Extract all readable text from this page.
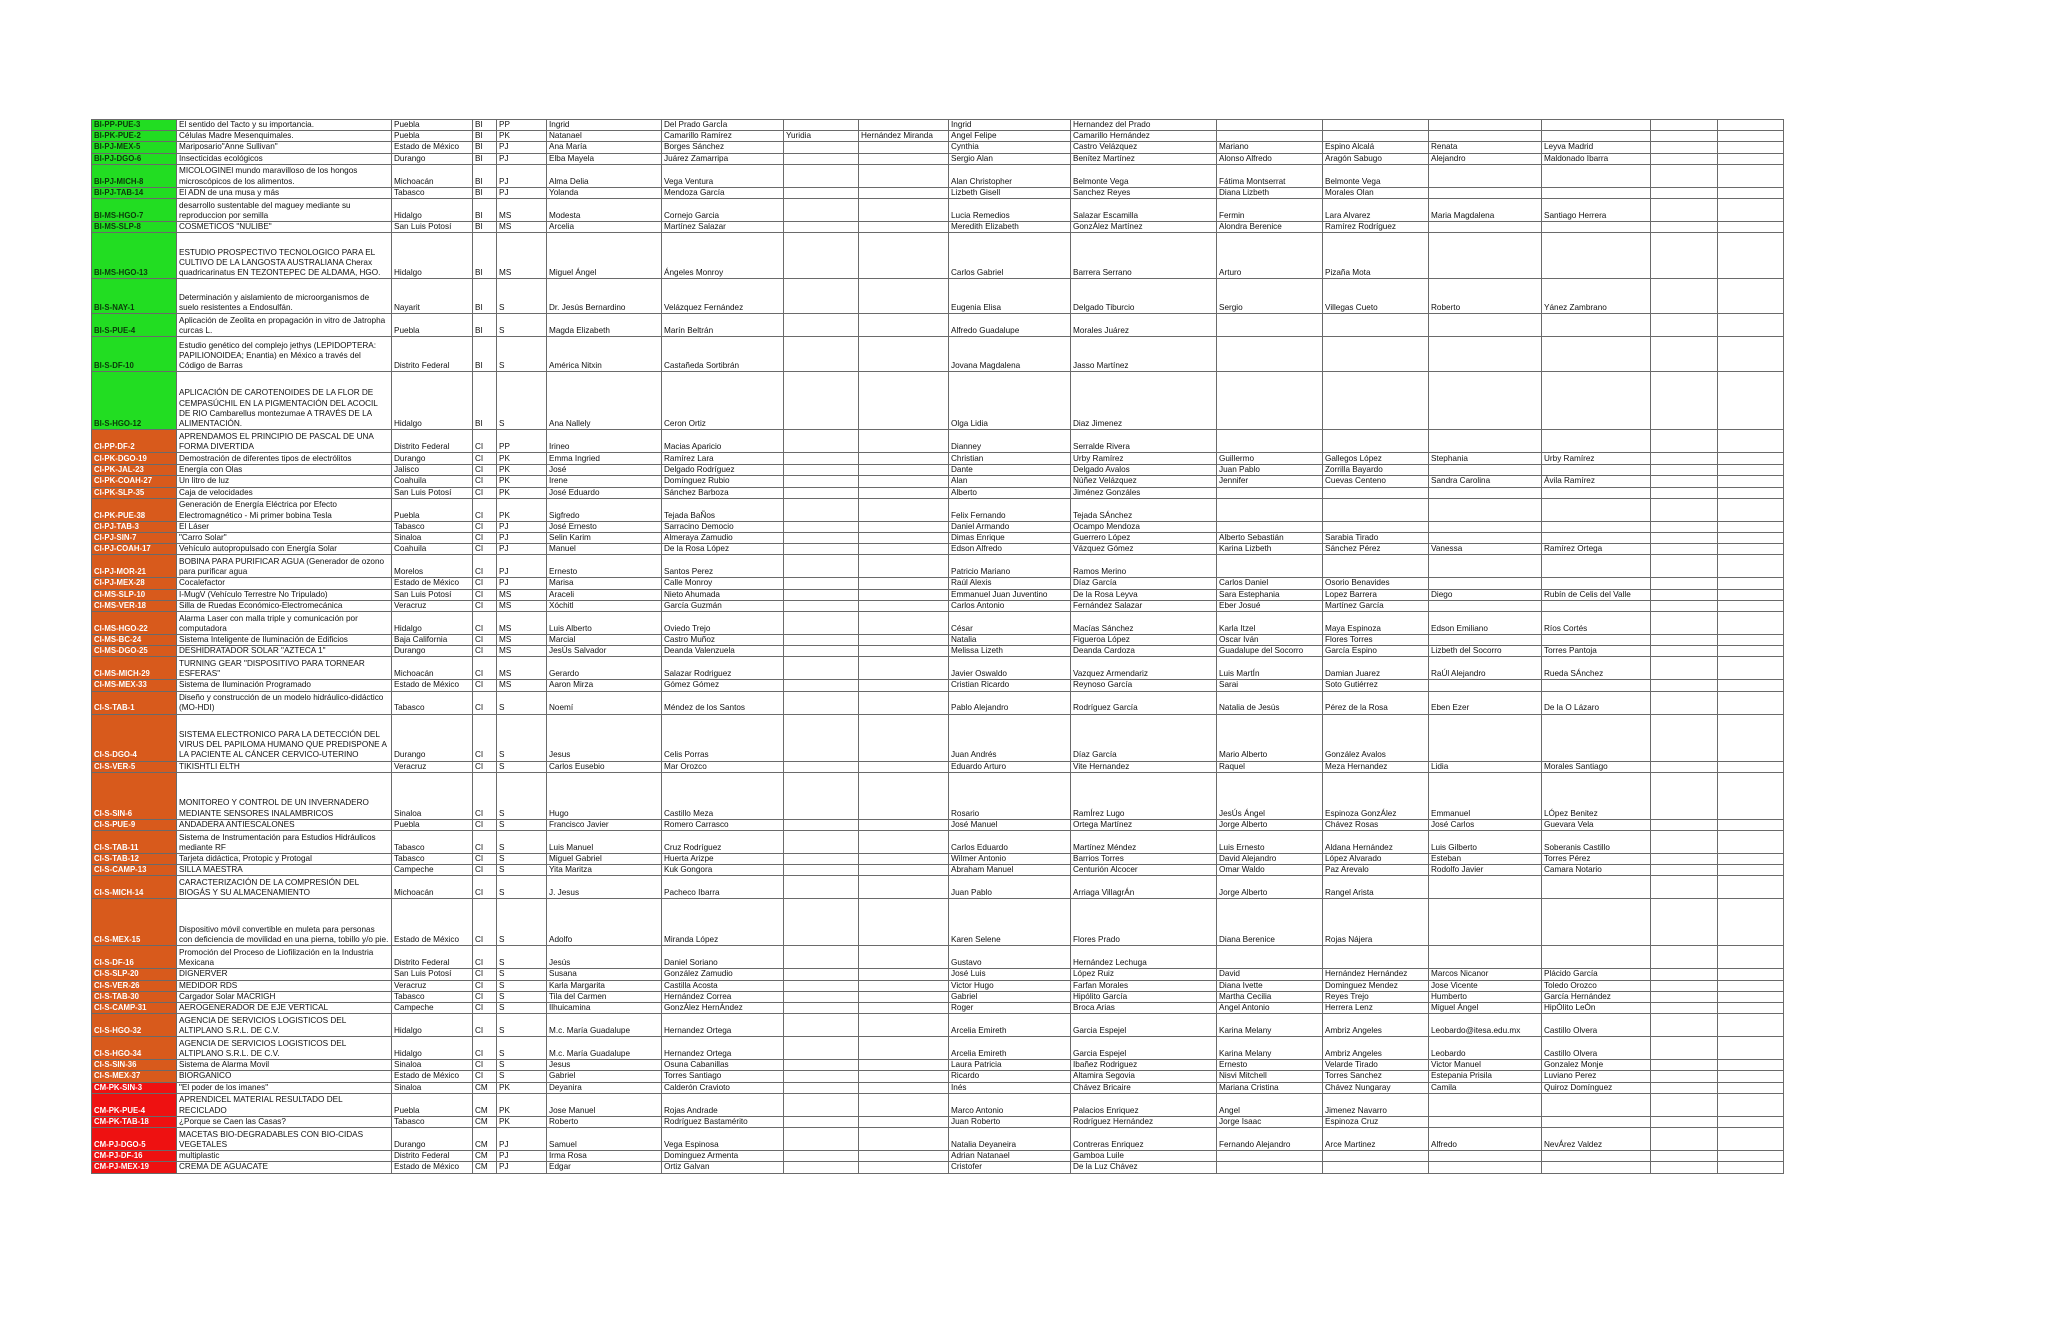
BI-PP-PUE-3	El sentido del Tacto y su importancia.	Puebla	BI	PP	Ingrid	Del Prado GarcÍa			Ingrid	Hernandez del Prado						
BI-PK-PUE-2	Células Madre Mesenquimales.	Puebla	BI	PK	Natanael	Camarillo Ramírez	Yuridia	Hernández Miranda	Angel Felipe	Camarillo Hernández						
BI-PJ-MEX-5	Mariposario"Anne Sullivan"	Estado de México	BI	PJ	Ana María	Borges Sánchez			Cynthia	Castro Velázquez	Mariano	Espino Alcalá	Renata	Leyva Madrid		
BI-PJ-DGO-6	Insecticidas ecológicos	Durango	BI	PJ	Elba Mayela	Juárez Zamarripa			Sergio Alan	Benítez Martínez	Alonso Alfredo	Aragón Sabugo	Alejandro	Maldonado Ibarra		
BI-PJ-MICH-8	MICOLOGINEl mundo maravilloso de los hongos microscópicos de los alimentos.	Michoacán	BI	PJ	Alma Delia	Vega Ventura			Alan Christopher	Belmonte Vega	Fátima Montserrat	Belmonte Vega				
BI-PJ-TAB-14	El ADN de una musa y más	Tabasco	BI	PJ	Yolanda	Mendoza García			Lizbeth Gisell	Sanchez Reyes	Diana Lizbeth	Morales Olan				
BI-MS-HGO-7	desarrollo sustentable del maguey mediante su reproduccion por semilla	Hidalgo	BI	MS	Modesta	Cornejo Garcia			Lucia Remedios	Salazar Escamilla	Fermin	Lara Alvarez	Maria Magdalena	Santiago Herrera		
BI-MS-SLP-8	COSMETICOS "NULIBE"	San Luis Potosí	BI	MS	Arcelia	Martínez Salazar			Meredith Elizabeth	GonzÁlez Martínez	Alondra Berenice	Ramírez Rodríguez				
BI-MS-HGO-13	ESTUDIO PROSPECTIVO TECNOLOGICO PARA EL CULTIVO DE LA LANGOSTA AUSTRALIANA Cherax quadricarinatus EN TEZONTEPEC DE ALDAMA, HGO.	Hidalgo	BI	MS	Miguel Ángel	Ángeles Monroy			Carlos Gabriel	Barrera Serrano	Arturo	Pizaña Mota				
BI-S-NAY-1	Determinación y aislamiento de microorganismos de suelo resistentes a Endosulfán.	Nayarit	BI	S	Dr. Jesús Bernardino	Velázquez Fernández			Eugenia Elisa	Delgado Tiburcio	Sergio	Villegas Cueto	Roberto	Yánez Zambrano		
BI-S-PUE-4	Aplicación de Zeolita en propagación in vitro de Jatropha curcas L.	Puebla	BI	S	Magda Elizabeth	Marín Beltrán			Alfredo Guadalupe	Morales Juárez						
BI-S-DF-10	Estudio genético del complejo jethys (LEPIDOPTERA: PAPILIONOIDEA; Enantia) en México a través del Código de Barras	Distrito Federal	BI	S	América Nitxin	Castañeda Sortibrán			Jovana Magdalena	Jasso Martínez						
BI-S-HGO-12	APLICACIÓN DE CAROTENOIDES DE LA FLOR DE CEMPASÚCHIL EN LA PIGMENTACIÓN DEL ACOCIL DE RIO Cambarellus montezumae A TRAVÉS DE LA ALIMENTACIÓN.	Hidalgo	BI	S	Ana Nallely	Ceron Ortiz			Olga Lidia	Diaz Jimenez						
CI-PP-DF-2	APRENDAMOS EL PRINCIPIO DE PASCAL DE UNA FORMA DIVERTIDA	Distrito Federal	CI	PP	Irineo	Macias Aparicio			Dianney	Serralde Rivera						
CI-PK-DGO-19	Demostración de diferentes tipos de electrólitos	Durango	CI	PK	Emma Ingried	Ramírez Lara			Christian	Urby Ramírez	Guillermo	Gallegos López	Stephania	Urby Ramírez		
CI-PK-JAL-23	Energía con Olas	Jalisco	CI	PK	José	Delgado Rodríguez			Dante	Delgado Avalos	Juan Pablo	Zorrilla Bayardo				
CI-PK-COAH-27	Un litro de luz	Coahuila	CI	PK	Irene	Domínguez Rubio			Alan	Núñez Velázquez	Jennifer	Cuevas Centeno	Sandra Carolina	Ávila Ramírez		
CI-PK-SLP-35	Caja de velocidades	San Luis Potosí	CI	PK	José Eduardo	Sánchez Barboza			Alberto	Jiménez Gonzáles						
CI-PK-PUE-38	Generación de Energía Eléctrica por Efecto Electromagnético - Mi primer bobina Tesla	Puebla	CI	PK	Sigfredo	Tejada BaÑos			Felix Fernando	Tejada SÁnchez						
CI-PJ-TAB-3	El Láser	Tabasco	CI	PJ	José Ernesto	Sarracino Democio			Daniel Armando	Ocampo Mendoza						
CI-PJ-SIN-7	"Carro Solar"	Sinaloa	CI	PJ	Selin Karim	Almeraya Zamudio			Dimas Enrique	Guerrero López	Alberto Sebastián	Sarabia Tirado				
CI-PJ-COAH-17	Vehículo autopropulsado con Energía Solar	Coahuila	CI	PJ	Manuel	De la Rosa López			Edson Alfredo	Vázquez Gómez	Karina Lizbeth	Sánchez Pérez	Vanessa	Ramírez Ortega		
CI-PJ-MOR-21	BOBINA PARA PURIFICAR AGUA (Generador de ozono para purificar agua	Morelos	CI	PJ	Ernesto	Santos Perez			Patricio Mariano	Ramos Merino						
CI-PJ-MEX-28	Cocalefactor	Estado de México	CI	PJ	Marisa	Calle Monroy			Raúl Alexis	Díaz García	Carlos Daniel	Osorio Benavides				
CI-MS-SLP-10	I-MugV (Vehículo Terrestre No Tripulado)	San Luis Potosí	CI	MS	Araceli	Nieto Ahumada			Emmanuel Juan Juventino	De la Rosa Leyva	Sara Estephania	Lopez Barrera	Diego	Rubín de Celis del Valle		
CI-MS-VER-18	Silla de Ruedas Económico-Electromecánica	Veracruz	CI	MS	Xóchitl	García Guzmán			Carlos Antonio	Fernández Salazar	Eber Josué	Martínez García				
CI-MS-HGO-22	Alarma Laser con malla triple y comunicación por computadora	Hidalgo	CI	MS	Luis Alberto	Oviedo Trejo			César	Macías Sánchez	Karla Itzel	Maya Espinoza	Edson Emiliano	Ríos Cortés		
CI-MS-BC-24	Sistema Inteligente de Iluminación de Edificios	Baja California	CI	MS	Marcial	Castro Muñoz			Natalia	Figueroa López	Oscar Iván	Flores Torres				
CI-MS-DGO-25	DESHIDRATADOR SOLAR "AZTECA 1"	Durango	CI	MS	JesÚs Salvador	Deanda Valenzuela			Melissa Lizeth	Deanda Cardoza	Guadalupe del Socorro	García Espino	Lizbeth del Socorro	Torres Pantoja		
CI-MS-MICH-29	TURNING GEAR "DISPOSITIVO PARA TORNEAR ESFERAS"	Michoacán	CI	MS	Gerardo	Salazar Rodriguez			Javier Oswaldo	Vazquez Armendariz	Luis MartÍn	Damian Juarez	RaÚl Alejandro	Rueda SÁnchez		
CI-MS-MEX-33	Sistema de Iluminación Programado	Estado de México	CI	MS	Aaron Mirza	Gómez Gómez			Cristian Ricardo	Reynoso García	Sarai	Soto Gutiérrez				
CI-S-TAB-1	Diseño y construcción de un modelo hidráulico-didáctico (MO-HDI)	Tabasco	CI	S	Noemí	Méndez de los Santos			Pablo Alejandro	Rodríguez García	Natalia de Jesús	Pérez de la Rosa	Eben Ezer	De la O Lázaro		
CI-S-DGO-4	SISTEMA ELECTRONICO PARA LA DETECCIÓN DEL VIRUS DEL PAPILOMA HUMANO QUE PREDISPONE A LA PACIENTE AL CÁNCER CERVICO-UTERINO	Durango	CI	S	Jesus	Celis Porras			Juan Andrés	Díaz García	Mario Alberto	González Avalos				
CI-S-VER-5	TIKISHTLI ELTH	Veracruz	CI	S	Carlos Eusebio	Mar Orozco			Eduardo Arturo	Vite Hernandez	Raquel	Meza Hernandez	Lidia	Morales Santiago		
CI-S-SIN-6	MONITOREO Y CONTROL DE UN INVERNADERO MEDIANTE SENSORES INALAMBRICOS	Sinaloa	CI	S	Hugo	Castillo Meza			Rosario	RamÍrez Lugo	JesÚs Ángel	Espinoza GonzÁlez	Emmanuel	LÓpez Benitez		
CI-S-PUE-9	ANDADERA ANTIESCALONES	Puebla	CI	S	Francisco Javier	Romero Carrasco			José Manuel	Ortega Martínez	Jorge Alberto	Chávez Rosas	José Carlos	Guevara Vela		
CI-S-TAB-11	Sistema de Instrumentación para Estudios Hidráulicos mediante RF	Tabasco	CI	S	Luis Manuel	Cruz Rodríguez			Carlos Eduardo	Martínez Méndez	Luis Ernesto	Aldana Hernández	Luis Gilberto	Soberanis Castillo		
CI-S-TAB-12	Tarjeta didáctica, Protopic y Protogal	Tabasco	CI	S	Miguel Gabriel	Huerta Arizpe			Wilmer Antonio	Barrios Torres	David Alejandro	López Alvarado	Esteban	Torres Pérez		
CI-S-CAMP-13	SILLA MAESTRA	Campeche	CI	S	Yita Maritza	Kuk Gongora			Abraham Manuel	Centurión Alcocer	Omar Waldo	Paz Arevalo	Rodolfo Javier	Camara Notario		
CI-S-MICH-14	CARACTERIZACIÓN DE LA COMPRESIÓN DEL BIOGÁS Y SU ALMACENAMIENTO	Michoacán	CI	S	J. Jesus	Pacheco Ibarra			Juan Pablo	Arriaga VillagrÁn	Jorge Alberto	Rangel Arista				
CI-S-MEX-15	Dispositivo móvil convertible en muleta para personas con deficiencia de movilidad en una pierna, tobillo y/o pie.	Estado de México	CI	S	Adolfo	Miranda López			Karen Selene	Flores Prado	Diana Berenice	Rojas Nájera				
CI-S-DF-16	Promoción del Proceso de Liofilización en la Industria Mexicana	Distrito Federal	CI	S	Jesús	Daniel Soriano			Gustavo	Hernández Lechuga						
CI-S-SLP-20	DIGNERVER	San Luis Potosí	CI	S	Susana	González Zamudio			José Luis	López Ruiz	David	Hernández Hernández	Marcos Nicanor	Plácido García		
CI-S-VER-26	MEDIDOR RDS	Veracruz	CI	S	Karla Margarita	Castilla Acosta			Victor Hugo	Farfan Morales	Diana Ivette	Dominguez Mendez	Jose Vicente	Toledo Orozco		
CI-S-TAB-30	Cargador Solar MACRIGH	Tabasco	CI	S	Tila del Carmen	Hernández Correa			Gabriel	Hipólito García	Martha Cecilia	Reyes Trejo	Humberto	García Hernández		
CI-S-CAMP-31	AEROGENERADOR DE EJE VERTICAL	Campeche	CI	S	Ilhuicamina	GonzÁlez HernÁndez			Roger	Broca Arias	Angel Antonio	Herrera Lenz	Miguel Ángel	HipÓlito LeÓn		
CI-S-HGO-32	AGENCIA DE SERVICIOS LOGISTICOS DEL ALTIPLANO S.R.L. DE C.V.	Hidalgo	CI	S	M.c. María Guadalupe	Hernandez Ortega			Arcelia Emireth	Garcia Espejel	Karina Melany	Ambriz Angeles	Leobardo@itesa.edu.mx	Castillo Olvera		
CI-S-HGO-34	AGENCIA DE SERVICIOS LOGISTICOS DEL ALTIPLANO S.R.L. DE C.V.	Hidalgo	CI	S	M.c. María Guadalupe	Hernandez Ortega			Arcelia Emireth	Garcia Espejel	Karina Melany	Ambriz Angeles	Leobardo	Castillo Olvera		
CI-S-SIN-36	Sistema de Alarma Movil	Sinaloa	CI	S	Jesus	Osuna Cabanillas			Laura Patricia	Ibañez Rodriguez	Ernesto	Velarde Tirado	Victor Manuel	Gonzalez Monje		
CI-S-MEX-37	BIORGANICO	Estado de México	CI	S	Gabriel	Torres Santiago			Ricardo	Altamira Segovia	Nisvi Mitchell	Torres Sanchez	Estepania Prisila	Luviano Perez		
CM-PK-SIN-3	"El poder de los imanes"	Sinaloa	CM	PK	Deyanira	Calderón Cravioto			Inés	Chávez Bricaire	Mariana Cristina	Chávez Nungaray	Camila	Quiroz Domínguez		
CM-PK-PUE-4	APRENDICEL MATERIAL RESULTADO DEL RECICLADO	Puebla	CM	PK	Jose Manuel	Rojas Andrade			Marco Antonio	Palacios Enriquez	Angel	Jimenez Navarro				
CM-PK-TAB-18	¿Porque se Caen las Casas?	Tabasco	CM	PK	Roberto	Rodríguez Bastamérito			Juan Roberto	Rodríguez Hernández	Jorge Isaac	Espinoza Cruz				
CM-PJ-DGO-5	MACETAS BIO-DEGRADABLES CON BIO-CIDAS VEGETALES	Durango	CM	PJ	Samuel	Vega Espinosa			Natalia Deyaneira	Contreras Enriquez	Fernando Alejandro	Arce Martinez	Alfredo	NevÁrez Valdez		
CM-PJ-DF-16	multiplastic	Distrito Federal	CM	PJ	Irma Rosa	Dominguez Armenta			Adrian Natanael	Gamboa Luile						
CM-PJ-MEX-19	CREMA DE AGUACATE	Estado de México	CM	PJ	Edgar	Ortiz Galvan			Cristofer	De la Luz Chávez						
